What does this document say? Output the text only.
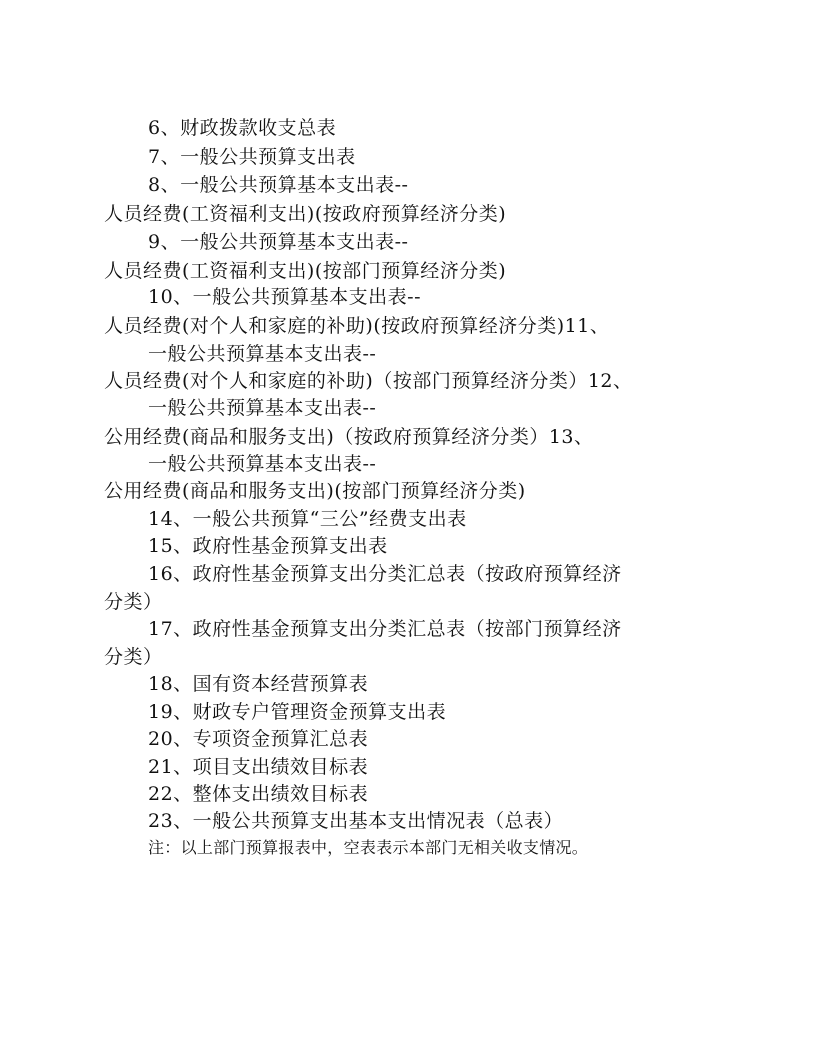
6、财政拨款收支总表
7、一般公共预算支出表
8、一般公共预算基本支出表--
人员经费(工资福利支出)(按政府预算经济分类)
9、一般公共预算基本支出表--
人员经费(工资福利支出)(按部门预算经济分类)
10、一般公共预算基本支出表--
人员经费(对个人和家庭的补助)(按政府预算经济分类)11、
一般公共预算基本支出表--
人员经费(对个人和家庭的补助)（按部门预算经济分类）12、
一般公共预算基本支出表--
公用经费(商品和服务支出)（按政府预算经济分类）13、
一般公共预算基本支出表--
公用经费(商品和服务支出)(按部门预算经济分类)
14、一般公共预算“三公”经费支出表
15、政府性基金预算支出表
16、政府性基金预算支出分类汇总表（按政府预算经济
分类）
17、政府性基金预算支出分类汇总表（按部门预算经济
分类）
18、国有资本经营预算表
19、财政专户管理资金预算支出表
20、专项资金预算汇总表
21、项目支出绩效目标表
22、整体支出绩效目标表
23、一般公共预算支出基本支出情况表（总表）
注：以上部门预算报表中，空表表示本部门无相关收支情况。
